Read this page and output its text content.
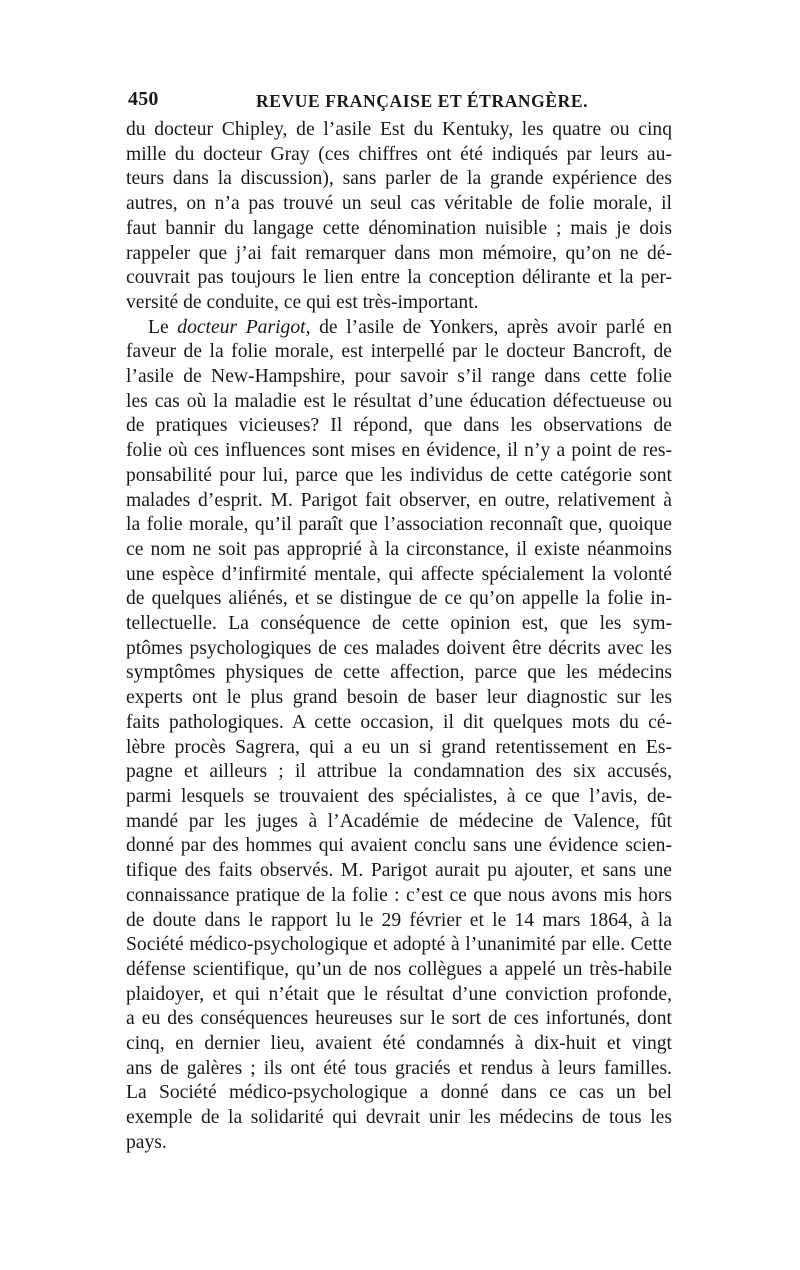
450	REVUE FRANÇAISE ET ÉTRANGÈRE.
du docteur Chipley, de l’asile Est du Kentuky, les quatre ou cinq
mille du docteur Gray (ces chiffres ont été indiqués par leurs au-
teurs dans la discussion), sans parler de la grande expérience des
autres, on n’a pas trouvé un seul cas véritable de folie morale, il
faut bannir du langage cette dénomination nuisible ; mais je dois
rappeler que j’ai fait remarquer dans mon mémoire, qu’on ne dé-
couvrait pas toujours le lien entre la conception délirante et la per-
versité de conduite, ce qui est très-important.
Le docteur Parigot, de l’asile de Yonkers, après avoir parlé en
faveur de la folie morale, est interpellé par le docteur Bancroft, de
l’asile de New-Hampshire, pour savoir s’il range dans cette folie
les cas où la maladie est le résultat d’une éducation défectueuse ou
de pratiques vicieuses? Il répond, que dans les observations de
folie où ces influences sont mises en évidence, il n’y a point de res-
ponsabilité pour lui, parce que les individus de cette catégorie sont
malades d’esprit. M. Parigot fait observer, en outre, relativement à
la folie morale, qu’il paraît que l’association reconnaît que, quoique
ce nom ne soit pas approprié à la circonstance, il existe néanmoins
une espèce d’infirmité mentale, qui affecte spécialement la volonté
de quelques aliénés, et se distingue de ce qu’on appelle la folie in-
tellectuelle. La conséquence de cette opinion est, que les sym-
ptômes psychologiques de ces malades doivent être décrits avec les
symptômes physiques de cette affection, parce que les médecins
experts ont le plus grand besoin de baser leur diagnostic sur les
faits pathologiques. A cette occasion, il dit quelques mots du cé-
lèbre procès Sagrera, qui a eu un si grand retentissement en Es-
pagne et ailleurs ; il attribue la condamnation des six accusés,
parmi lesquels se trouvaient des spécialistes, à ce que l’avis, de-
mandé par les juges à l’Académie de médecine de Valence, fût
donné par des hommes qui avaient conclu sans une évidence scien-
tifique des faits observés. M. Parigot aurait pu ajouter, et sans une
connaissance pratique de la folie : c’est ce que nous avons mis hors
de doute dans le rapport lu le 29 février et le 14 mars 1864, à la
Société médico-psychologique et adopté à l’unanimité par elle. Cette
défense scientifique, qu’un de nos collègues a appelé un très-habile
plaidoyer, et qui n’était que le résultat d’une conviction profonde,
a eu des conséquences heureuses sur le sort de ces infortunés, dont
cinq, en dernier lieu, avaient été condamnés à dix-huit et vingt
ans de galères ; ils ont été tous graciés et rendus à leurs familles.
La Société médico-psychologique a donné dans ce cas un bel
exemple de la solidarité qui devrait unir les médecins de tous les
pays.
